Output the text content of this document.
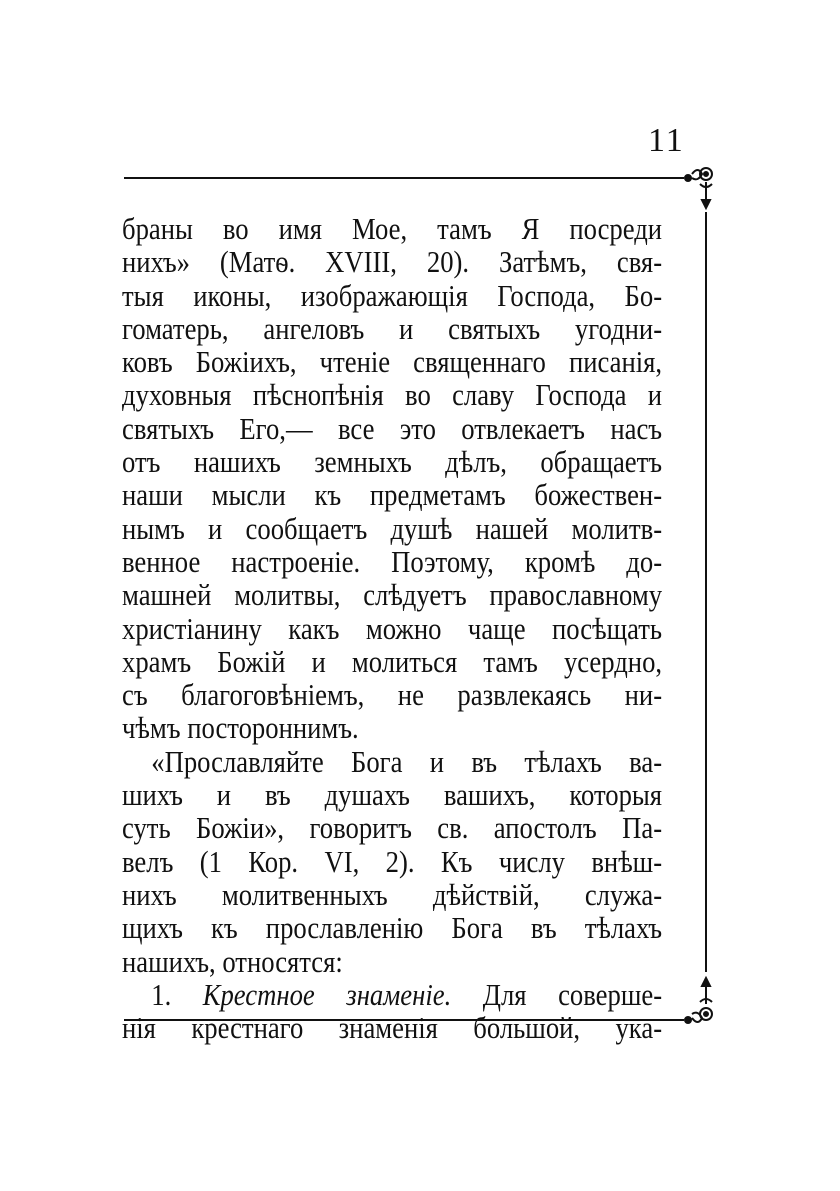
11
браны во имя Мое, тамъ Я посреди
нихъ» (Матѳ. XVIII, 20). Затѣмъ, свя-
тыя иконы, изображающія Господа, Бо-
гоматерь, ангеловъ и святыхъ угодни-
ковъ Божіихъ, чтеніе священнаго писанія,
духовныя пѣснопѣнія во славу Господа и
святыхъ Его,— все это отвлекаетъ насъ
отъ нашихъ земныхъ дѣлъ, обращаетъ
наши мысли къ предметамъ божествен-
нымъ и сообщаетъ душѣ нашей молитв-
венное настроеніе. Поэтому, кромѣ до-
машней молитвы, слѣдуетъ православному
христіанину какъ можно чаще посѣщать
храмъ Божій и молиться тамъ усердно,
съ благоговѣніемъ, не развлекаясь ни-
чѣмъ постороннимъ.
«Прославляйте Бога и въ тѣлахъ ва-
шихъ и въ душахъ вашихъ, которыя
суть Божіи», говоритъ св. апостолъ Па-
велъ (1 Кор. VI, 2). Къ числу внѣш-
нихъ молитвенныхъ дѣйствій, служа-
щихъ къ прославленію Бога въ тѣлахъ
нашихъ, относятся:
1. Крестное знаменіе. Для соверше-
нія крестнаго знаменія большой, ука-
